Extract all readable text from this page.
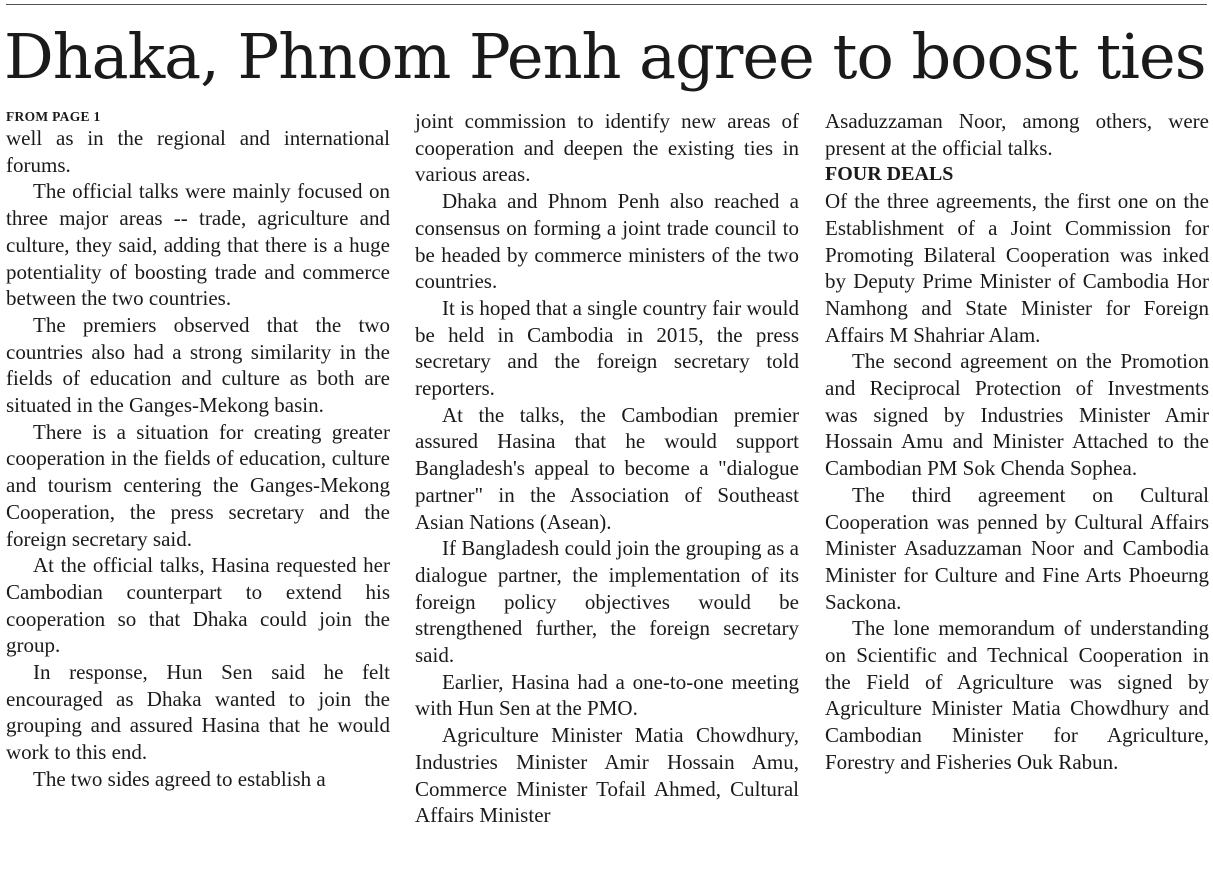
Dhaka, Phnom Penh agree to boost ties
FROM PAGE 1

well as in the regional and international forums.

The official talks were mainly focused on three major areas -- trade, agriculture and culture, they said, adding that there is a huge potentiality of boosting trade and commerce between the two countries.

The premiers observed that the two countries also had a strong similarity in the fields of education and culture as both are situated in the Ganges-Mekong basin.

There is a situation for creating greater cooperation in the fields of education, culture and tourism centering the Ganges-Mekong Cooperation, the press secretary and the foreign secretary said.

At the official talks, Hasina requested her Cambodian counterpart to extend his cooperation so that Dhaka could join the group.

In response, Hun Sen said he felt encouraged as Dhaka wanted to join the grouping and assured Hasina that he would work to this end.

The two sides agreed to establish a

joint commission to identify new areas of cooperation and deepen the existing ties in various areas.

Dhaka and Phnom Penh also reached a consensus on forming a joint trade council to be headed by commerce ministers of the two countries.

It is hoped that a single country fair would be held in Cambodia in 2015, the press secretary and the foreign secretary told reporters.

At the talks, the Cambodian premier assured Hasina that he would support Bangladesh's appeal to become a "dialogue partner" in the Association of Southeast Asian Nations (Asean).

If Bangladesh could join the grouping as a dialogue partner, the implementation of its foreign policy objectives would be strengthened further, the foreign secretary said.

Earlier, Hasina had a one-to-one meeting with Hun Sen at the PMO.

Agriculture Minister Matia Chowdhury, Industries Minister Amir Hossain Amu, Commerce Minister Tofail Ahmed, Cultural Affairs Minister

Asaduzzaman Noor, among others, were present at the official talks.

FOUR DEALS

Of the three agreements, the first one on the Establishment of a Joint Commission for Promoting Bilateral Cooperation was inked by Deputy Prime Minister of Cambodia Hor Namhong and State Minister for Foreign Affairs M Shahriar Alam.

The second agreement on the Promotion and Reciprocal Protection of Investments was signed by Industries Minister Amir Hossain Amu and Minister Attached to the Cambodian PM Sok Chenda Sophea.

The third agreement on Cultural Cooperation was penned by Cultural Affairs Minister Asaduzzaman Noor and Cambodia Minister for Culture and Fine Arts Phoeurng Sackona.

The lone memorandum of understanding on Scientific and Technical Cooperation in the Field of Agriculture was signed by Agriculture Minister Matia Chowdhury and Cambodian Minister for Agriculture, Forestry and Fisheries Ouk Rabun.
